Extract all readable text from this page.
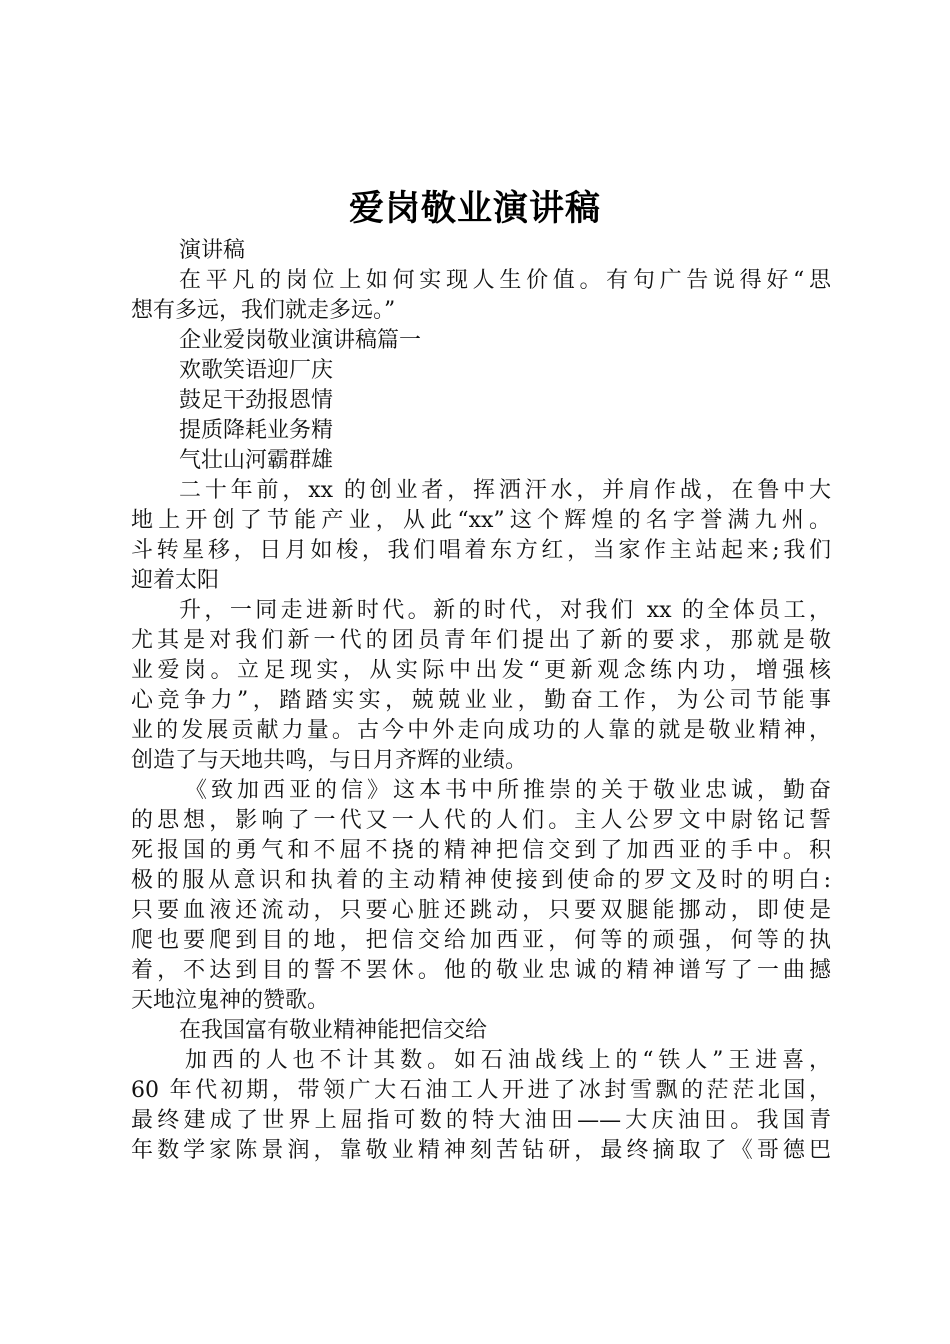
爱岗敬业演讲稿
演讲稿
在平凡的岗位上如何实现人生价值。有句广告说得好“思
想有多远，我们就走多远。”
企业爱岗敬业演讲稿篇一
欢歌笑语迎厂庆
鼓足干劲报恩情
提质降耗业务精
气壮山河霸群雄
二十年前，xx 的创业者，挥洒汗水，并肩作战，在鲁中大
地上开创了节能产业，从此“xx”这个辉煌的名字誉满九州。
斗转星移，日月如梭，我们唱着东方红，当家作主站起来;我们
迎着太阳
升，一同走进新时代。新的时代，对我们 xx 的全体员工，
尤其是对我们新一代的团员青年们提出了新的要求，那就是敬
业爱岗。立足现实，从实际中出发“更新观念练内功，增强核
心竞争力”，踏踏实实，兢兢业业，勤奋工作，为公司节能事
业的发展贡献力量。古今中外走向成功的人靠的就是敬业精神，
创造了与天地共鸣，与日月齐辉的业绩。
《致加西亚的信》这本书中所推崇的关于敬业忠诚，勤奋
的思想，影响了一代又一人代的人们。主人公罗文中尉铭记誓
死报国的勇气和不屈不挠的精神把信交到了加西亚的手中。积
极的服从意识和执着的主动精神使接到使命的罗文及时的明白:
只要血液还流动，只要心脏还跳动，只要双腿能挪动，即使是
爬也要爬到目的地，把信交给加西亚，何等的顽强，何等的执
着，不达到目的誓不罢休。他的敬业忠诚的精神谱写了一曲撼
天地泣鬼神的赞歌。
在我国富有敬业精神能把信交给
加西的人也不计其数。如石油战线上的“铁人”王进喜，
60 年代初期，带领广大石油工人开进了冰封雪飘的茫茫北国，
最终建成了世界上屈指可数的特大油田——大庆油田。我国青
年数学家陈景润，靠敬业精神刻苦钻研，最终摘取了《哥德巴
